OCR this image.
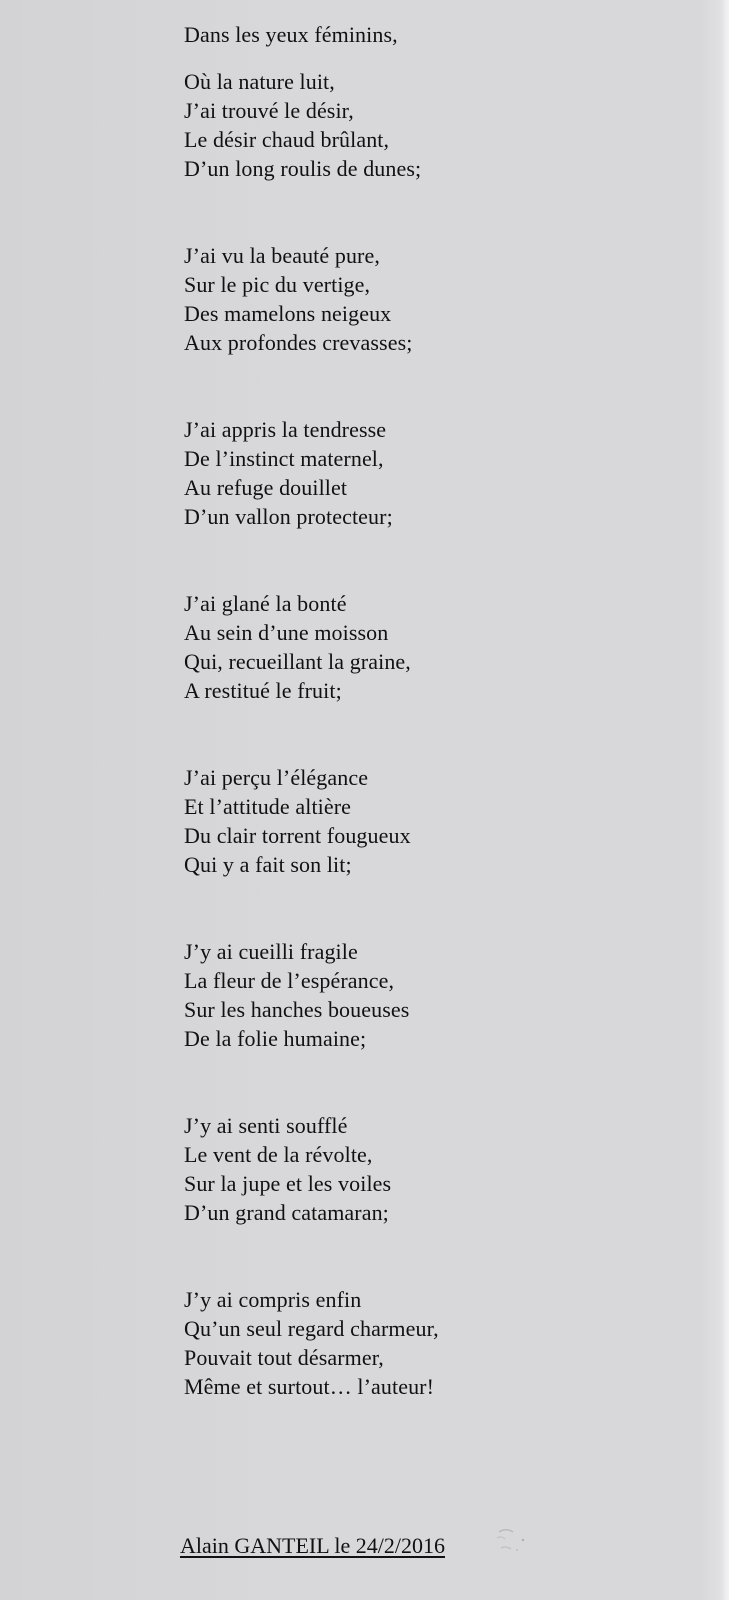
Dans les yeux féminins,
Où la nature luit,
J’ai trouvé le désir,
Le désir chaud brûlant,
D’un long roulis de dunes;
J’ai vu la beauté pure,
Sur le pic du vertige,
Des mamelons neigeux
Aux profondes crevasses;
J’ai appris la tendresse
De l’instinct maternel,
Au refuge douillet
D’un vallon protecteur;
J’ai glané la bonté
Au sein d’une moisson
Qui, recueillant la graine,
A restitué le fruit;
J’ai perçu l’élégance
Et l’attitude altière
Du clair torrent fougueux
Qui y a fait son lit;
J’y ai cueilli fragile
La fleur de l’espérance,
Sur les hanches boueuses
De la folie humaine;
J’y ai senti soufflé
Le vent de la révolte,
Sur la jupe et les voiles
D’un grand catamaran;
J’y ai compris enfin
Qu’un seul regard charmeur,
Pouvait tout désarmer,
Même et surtout… l’auteur!
Alain GANTEIL le 24/2/2016
